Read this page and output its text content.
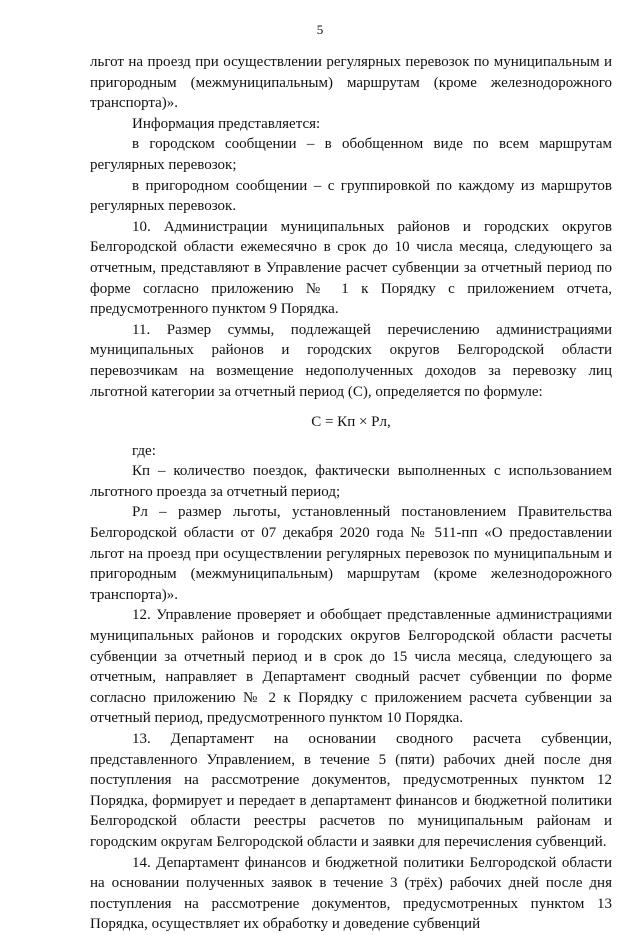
5

льгот на проезд при осуществлении регулярных перевозок по муниципальным и пригородным (межмуниципальным) маршрутам (кроме железнодорожного транспорта)».

Информация представляется:

в городском сообщении – в обобщенном виде по всем маршрутам регулярных перевозок;

в пригородном сообщении – с группировкой по каждому из маршрутов регулярных перевозок.

10. Администрации муниципальных районов и городских округов Белгородской области ежемесячно в срок до 10 числа месяца, следующего за отчетным, представляют в Управление расчет субвенции за отчетный период по форме согласно приложению № 1 к Порядку с приложением отчета, предусмотренного пунктом 9 Порядка.

11. Размер суммы, подлежащей перечислению администрациями муниципальных районов и городских округов Белгородской области перевозчикам на возмещение недополученных доходов за перевозку лиц льготной категории за отчетный период (С), определяется по формуле:

С = Кп × Рл,

где:

Кп – количество поездок, фактически выполненных с использованием льготного проезда за отчетный период;

Рл – размер льготы, установленный постановлением Правительства Белгородской области от 07 декабря 2020 года № 511-пп «О предоставлении льгот на проезд при осуществлении регулярных перевозок по муниципальным и пригородным (межмуниципальным) маршрутам (кроме железнодорожного транспорта)».

12. Управление проверяет и обобщает представленные администрациями муниципальных районов и городских округов Белгородской области расчеты субвенции за отчетный период и в срок до 15 числа месяца, следующего за отчетным, направляет в Департамент сводный расчет субвенции по форме согласно приложению № 2 к Порядку с приложением расчета субвенции за отчетный период, предусмотренного пунктом 10 Порядка.

13. Департамент на основании сводного расчета субвенции, представленного Управлением, в течение 5 (пяти) рабочих дней после дня поступления на рассмотрение документов, предусмотренных пунктом 12 Порядка, формирует и передает в департамент финансов и бюджетной политики Белгородской области реестры расчетов по муниципальным районам и городским округам Белгородской области и заявки для перечисления субвенций.

14. Департамент финансов и бюджетной политики Белгородской области на основании полученных заявок в течение 3 (трёх) рабочих дней после дня поступления на рассмотрение документов, предусмотренных пунктом 13 Порядка, осуществляет их обработку и доведение субвенций
